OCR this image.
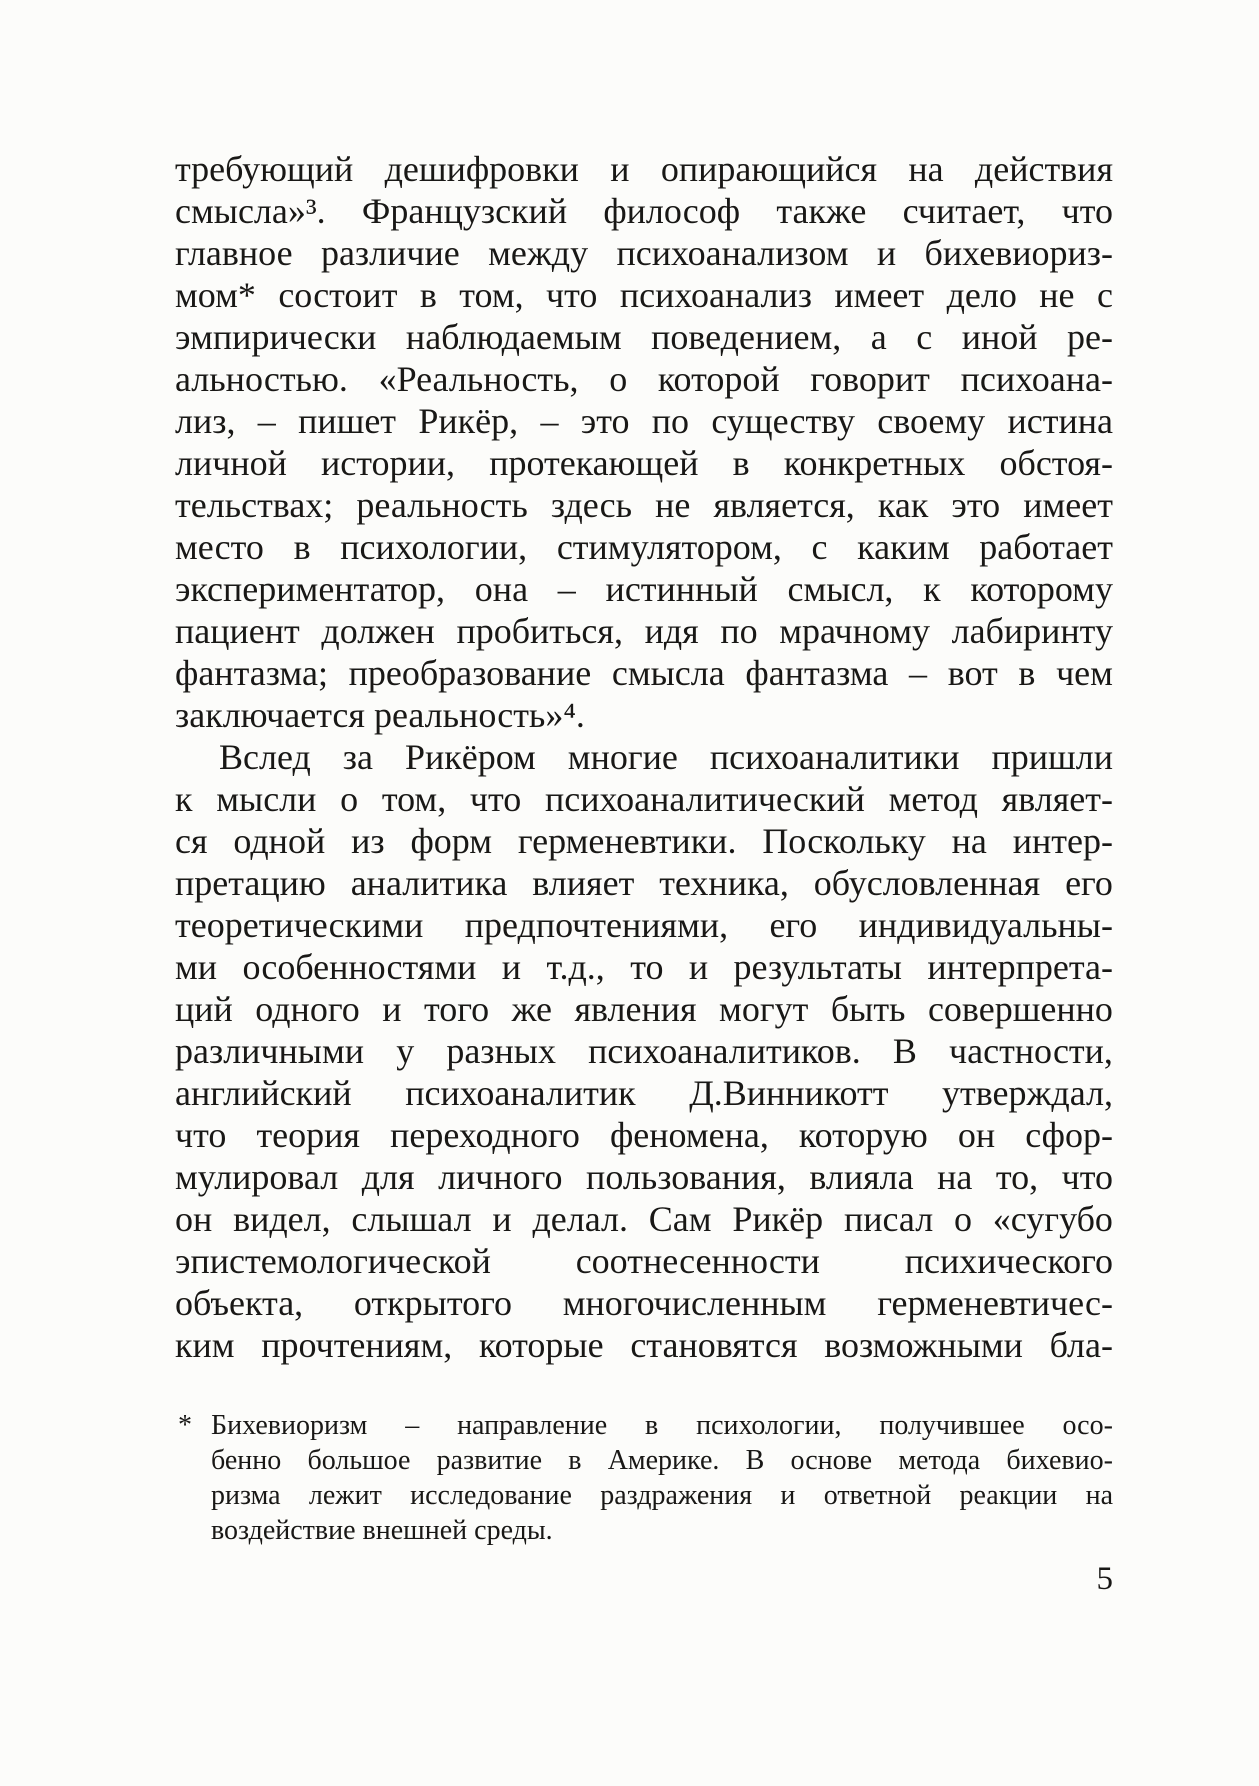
требующий дешифровки и опирающийся на действия
смысла»³. Французский философ также считает, что
главное различие между психоанализом и бихевиориз-
мом* состоит в том, что психоанализ имеет дело не с
эмпирически наблюдаемым поведением, а с иной ре-
альностью. «Реальность, о которой говорит психоана-
лиз, – пишет Рикёр, – это по существу своему истина
личной истории, протекающей в конкретных обстоя-
тельствах; реальность здесь не является, как это имеет
место в психологии, стимулятором, с каким работает
экспериментатор, она – истинный смысл, к которому
пациент должен пробиться, идя по мрачному лабиринту
фантазма; преобразование смысла фантазма – вот в чем
заключается реальность»⁴.
Вслед за Рикёром многие психоаналитики пришли
к мысли о том, что психоаналитический метод являет-
ся одной из форм герменевтики. Поскольку на интер-
претацию аналитика влияет техника, обусловленная его
теоретическими предпочтениями, его индивидуальны-
ми особенностями и т.д., то и результаты интерпрета-
ций одного и того же явления могут быть совершенно
различными у разных психоаналитиков. В частности,
английский психоаналитик Д.Винникотт утверждал,
что теория переходного феномена, которую он сфор-
мулировал для личного пользования, влияла на то, что
он видел, слышал и делал. Сам Рикёр писал о «сугубо
эпистемологической соотнесенности психического
объекта, открытого многочисленным герменевтичес-
ким прочтениям, которые становятся возможными бла-
* Бихевиоризм – направление в психологии, получившее осо-
бенно большое развитие в Америке. В основе метода бихевио-
ризма лежит исследование раздражения и ответной реакции на
воздействие внешней среды.
5
